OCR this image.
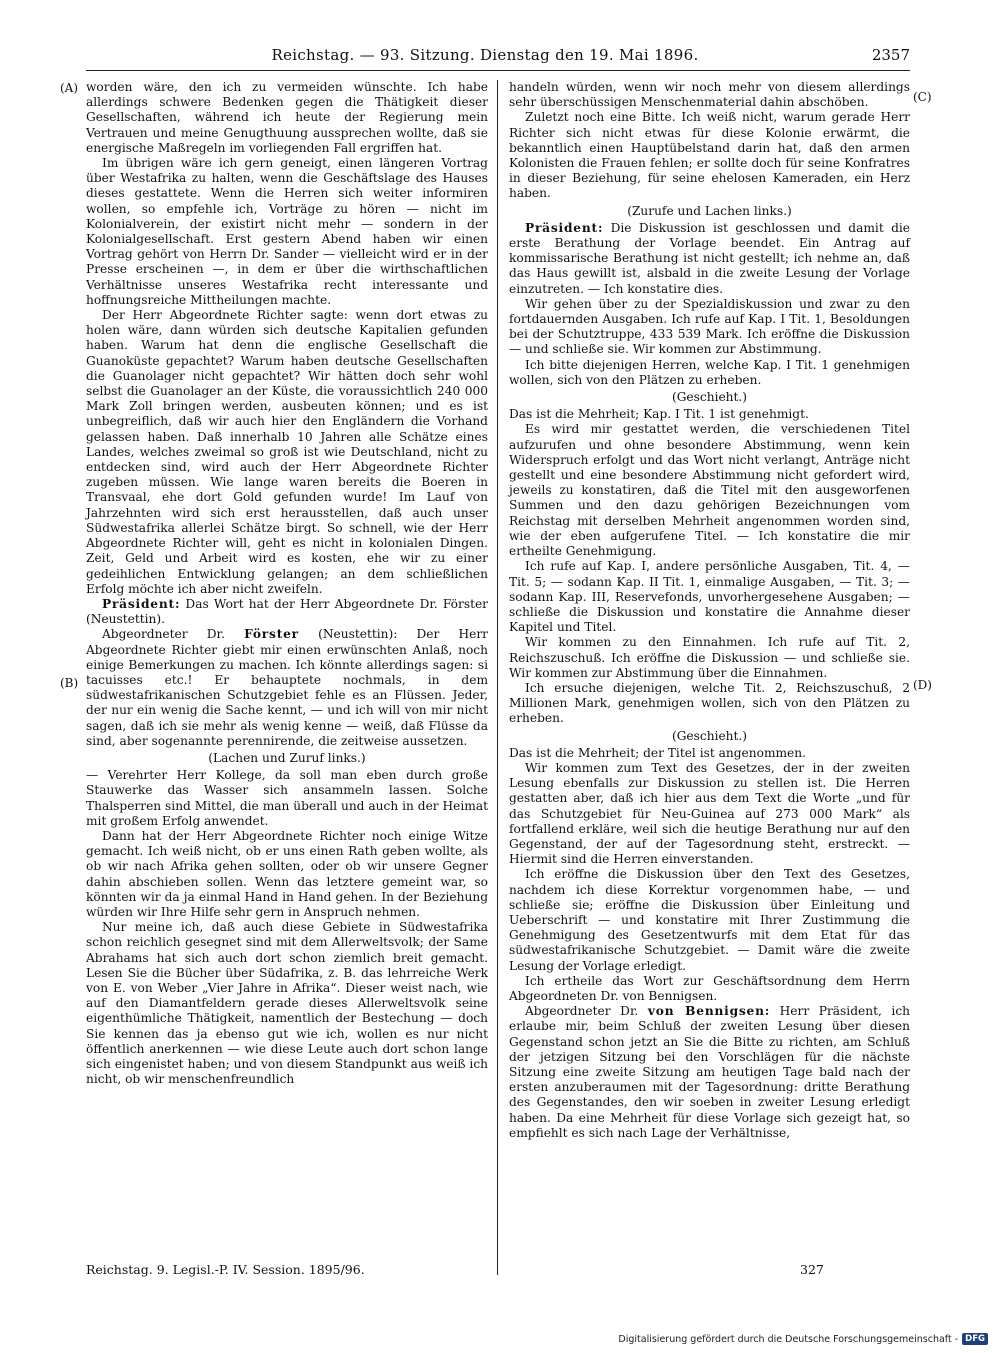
Reichstag. — 93. Sitzung. Dienstag den 19. Mai 1896.	2357
(A)
(B)
(C)
(D)

worden wäre, den ich zu vermeiden wünschte. Ich habe allerdings schwere Bedenken gegen die Thätigkeit dieser Gesellschaften, während ich heute der Regierung mein Vertrauen und meine Genugthuung aussprechen wollte, daß sie energische Maßregeln im vorliegenden Fall ergriffen hat.

Im übrigen wäre ich gern geneigt, einen längeren Vortrag über Westafrika zu halten, wenn die Geschäftslage des Hauses dieses gestattete. Wenn die Herren sich weiter informiren wollen, so empfehle ich, Vorträge zu hören — nicht im Kolonialverein, der existirt nicht mehr — sondern in der Kolonialgesellschaft. Erst gestern Abend haben wir einen Vortrag gehört von Herrn Dr. Sander — vielleicht wird er in der Presse erscheinen —, in dem er über die wirthschaftlichen Verhältnisse unseres Westafrika recht interessante und hoffnungsreiche Mittheilungen machte.

Der Herr Abgeordnete Richter sagte: wenn dort etwas zu holen wäre, dann würden sich deutsche Kapitalien gefunden haben. Warum hat denn die englische Gesellschaft die Guanoküste gepachtet? Warum haben deutsche Gesellschaften die Guanolager nicht gepachtet? Wir hätten doch sehr wohl selbst die Guanolager an der Küste, die voraussichtlich 240 000 Mark Zoll bringen werden, ausbeuten können; und es ist unbegreiflich, daß wir auch hier den Engländern die Vorhand gelassen haben. Daß innerhalb 10 Jahren alle Schätze eines Landes, welches zweimal so groß ist wie Deutschland, nicht zu entdecken sind, wird auch der Herr Abgeordnete Richter zugeben müssen. Wie lange waren bereits die Boeren in Transvaal, ehe dort Gold gefunden wurde! Im Lauf von Jahrzehnten wird sich erst herausstellen, daß auch unser Südwestafrika allerlei Schätze birgt. So schnell, wie der Herr Abgeordnete Richter will, geht es nicht in kolonialen Dingen. Zeit, Geld und Arbeit wird es kosten, ehe wir zu einer gedeihlichen Entwicklung gelangen; an dem schließlichen Erfolg möchte ich aber nicht zweifeln.

Präsident: Das Wort hat der Herr Abgeordnete Dr. Förster (Neustettin).

Abgeordneter Dr. Förster (Neustettin): Der Herr Abgeordnete Richter giebt mir einen erwünschten Anlaß, noch einige Bemerkungen zu machen. Ich könnte allerdings sagen: si tacuisses etc.! Er behauptete nochmals, in dem südwestafrikanischen Schutzgebiet fehle es an Flüssen. Jeder, der nur ein wenig die Sache kennt, — und ich will von mir nicht sagen, daß ich sie mehr als wenig kenne — weiß, daß Flüsse da sind, aber sogenannte perennirende, die zeitweise aussetzen.

(Lachen und Zuruf links.)

— Verehrter Herr Kollege, da soll man eben durch große Stauwerke das Wasser sich ansammeln lassen. Solche Thalsperren sind Mittel, die man überall und auch in der Heimat mit großem Erfolg anwendet.

Dann hat der Herr Abgeordnete Richter noch einige Witze gemacht. Ich weiß nicht, ob er uns einen Rath geben wollte, als ob wir nach Afrika gehen sollten, oder ob wir unsere Gegner dahin abschieben sollen. Wenn das letztere gemeint war, so könnten wir da ja einmal Hand in Hand gehen. In der Beziehung würden wir Ihre Hilfe sehr gern in Anspruch nehmen.

Nur meine ich, daß auch diese Gebiete in Südwestafrika schon reichlich gesegnet sind mit dem Allerweltsvolk; der Same Abrahams hat sich auch dort schon ziemlich breit gemacht. Lesen Sie die Bücher über Südafrika, z. B. das lehrreiche Werk von E. von Weber „Vier Jahre in Afrika“. Dieser weist nach, wie auf den Diamantfeldern gerade dieses Allerweltsvolk seine eigenthümliche Thätigkeit, namentlich der Bestechung — doch Sie kennen das ja ebenso gut wie ich, wollen es nur nicht öffentlich anerkennen — wie diese Leute auch dort schon lange sich eingenistet haben; und von diesem Standpunkt aus weiß ich nicht, ob wir menschenfreundlich

handeln würden, wenn wir noch mehr von diesem allerdings sehr überschüssigen Menschenmaterial dahin abschöben.

Zuletzt noch eine Bitte. Ich weiß nicht, warum gerade Herr Richter sich nicht etwas für diese Kolonie erwärmt, die bekanntlich einen Hauptübelstand darin hat, daß den armen Kolonisten die Frauen fehlen; er sollte doch für seine Konfratres in dieser Beziehung, für seine ehelosen Kameraden, ein Herz haben.

(Zurufe und Lachen links.)

Präsident: Die Diskussion ist geschlossen und damit die erste Berathung der Vorlage beendet. Ein Antrag auf kommissarische Berathung ist nicht gestellt; ich nehme an, daß das Haus gewillt ist, alsbald in die zweite Lesung der Vorlage einzutreten. — Ich konstatire dies.

Wir gehen über zu der Spezialdiskussion und zwar zu den fortdauernden Ausgaben. Ich rufe auf Kap. I Tit. 1, Besoldungen bei der Schutztruppe, 433 539 Mark. Ich eröffne die Diskussion — und schließe sie. Wir kommen zur Abstimmung.

Ich bitte diejenigen Herren, welche Kap. I Tit. 1 genehmigen wollen, sich von den Plätzen zu erheben.

(Geschieht.)

Das ist die Mehrheit; Kap. I Tit. 1 ist genehmigt.

Es wird mir gestattet werden, die verschiedenen Titel aufzurufen und ohne besondere Abstimmung, wenn kein Widerspruch erfolgt und das Wort nicht verlangt, Anträge nicht gestellt und eine besondere Abstimmung nicht gefordert wird, jeweils zu konstatiren, daß die Titel mit den ausgeworfenen Summen und den dazu gehörigen Bezeichnungen vom Reichstag mit derselben Mehrheit angenommen worden sind, wie der eben aufgerufene Titel. — Ich konstatire die mir ertheilte Genehmigung.

Ich rufe auf Kap. I, andere persönliche Ausgaben, Tit. 4, — Tit. 5; — sodann Kap. II Tit. 1, einmalige Ausgaben, — Tit. 3; — sodann Kap. III, Reservefonds, unvorhergesehene Ausgaben; — schließe die Diskussion und konstatire die Annahme dieser Kapitel und Titel.

Wir kommen zu den Einnahmen. Ich rufe auf Tit. 2, Reichszuschuß. Ich eröffne die Diskussion — und schließe sie. Wir kommen zur Abstimmung über die Einnahmen.

Ich ersuche diejenigen, welche Tit. 2, Reichszuschuß, 2 Millionen Mark, genehmigen wollen, sich von den Plätzen zu erheben.

(Geschieht.)

Das ist die Mehrheit; der Titel ist angenommen.

Wir kommen zum Text des Gesetzes, der in der zweiten Lesung ebenfalls zur Diskussion zu stellen ist. Die Herren gestatten aber, daß ich hier aus dem Text die Worte „und für das Schutzgebiet für Neu-Guinea auf 273 000 Mark“ als fortfallend erkläre, weil sich die heutige Berathung nur auf den Gegenstand, der auf der Tagesordnung steht, erstreckt. — Hiermit sind die Herren einverstanden.

Ich eröffne die Diskussion über den Text des Gesetzes, nachdem ich diese Korrektur vorgenommen habe, — und schließe sie; eröffne die Diskussion über Einleitung und Ueberschrift — und konstatire mit Ihrer Zustimmung die Genehmigung des Gesetzentwurfs mit dem Etat für das südwestafrikanische Schutzgebiet. — Damit wäre die zweite Lesung der Vorlage erledigt.

Ich ertheile das Wort zur Geschäftsordnung dem Herrn Abgeordneten Dr. von Bennigsen.

Abgeordneter Dr. von Bennigsen: Herr Präsident, ich erlaube mir, beim Schluß der zweiten Lesung über diesen Gegenstand schon jetzt an Sie die Bitte zu richten, am Schluß der jetzigen Sitzung bei den Vorschlägen für die nächste Sitzung eine zweite Sitzung am heutigen Tage bald nach der ersten anzuberaumen mit der Tagesordnung: dritte Berathung des Gegenstandes, den wir soeben in zweiter Lesung erledigt haben. Da eine Mehrheit für diese Vorlage sich gezeigt hat, so empfiehlt es sich nach Lage der Verhältnisse,

Reichstag. 9. Legisl.-P. IV. Session. 1895/96.	327
Digitalisierung gefördert durch die Deutsche Forschungsgemeinschaft - DFG
